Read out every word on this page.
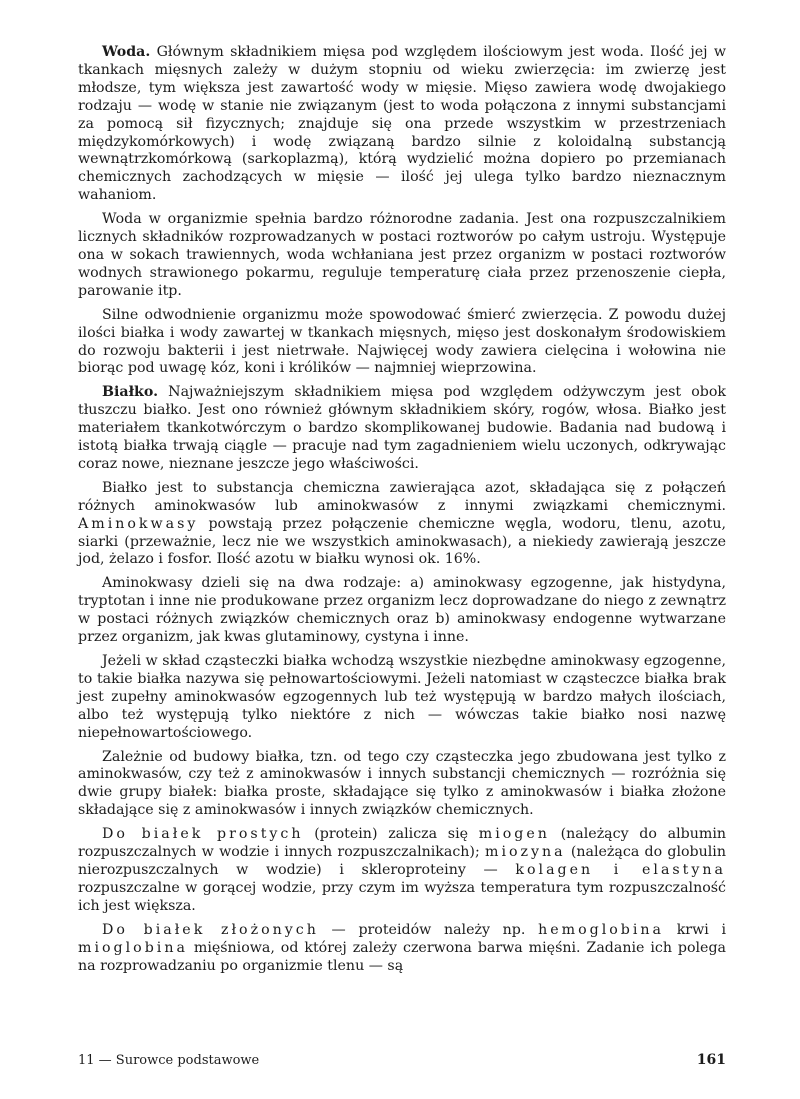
Woda. Głównym składnikiem mięsa pod względem ilościowym jest woda. Ilość jej w tkankach mięsnych zależy w dużym stopniu od wieku zwierzęcia: im zwierzę jest młodsze, tym większa jest zawartość wody w mięsie. Mięso zawiera wodę dwojakiego rodzaju — wodę w stanie nie związanym (jest to woda połączona z innymi substancjami za pomocą sił fizycznych; znajduje się ona przede wszystkim w przestrzeniach międzykomórkowych) i wodę związaną bardzo silnie z koloidalną substancją wewnątrzkomórkową (sarkoplazmą), którą wydzielić można dopiero po przemianach chemicznych zachodzących w mięsie — ilość jej ulega tylko bardzo nieznacznym wahaniom.

Woda w organizmie spełnia bardzo różnorodne zadania. Jest ona rozpuszczalnikiem licznych składników rozprowadzanych w postaci roztworów po całym ustroju. Występuje ona w sokach trawiennych, woda wchłaniana jest przez organizm w postaci roztworów wodnych strawionego pokarmu, reguluje temperaturę ciała przez przenoszenie ciepła, parowanie itp.

Silne odwodnienie organizmu może spowodować śmierć zwierzęcia. Z powodu dużej ilości białka i wody zawartej w tkankach mięsnych, mięso jest doskonałym środowiskiem do rozwoju bakterii i jest nietrwałe. Najwięcej wody zawiera cielęcina i wołowina nie biorąc pod uwagę kóz, koni i królików — najmniej wieprzowina.

Białko. Najważniejszym składnikiem mięsa pod względem odżywczym jest obok tłuszczu białko. Jest ono również głównym składnikiem skóry, rogów, włosa. Białko jest materiałem tkankotwórczym o bardzo skomplikowanej budowie. Badania nad budową i istotą białka trwają ciągle — pracuje nad tym zagadnieniem wielu uczonych, odkrywając coraz nowe, nieznane jeszcze jego właściwości.

Białko jest to substancja chemiczna zawierająca azot, składająca się z połączeń różnych aminokwasów lub aminokwasów z innymi związkami chemicznymi. Aminokwasy powstają przez połączenie chemiczne węgla, wodoru, tlenu, azotu, siarki (przeważnie, lecz nie we wszystkich aminokwasach), a niekiedy zawierają jeszcze jod, żelazo i fosfor. Ilość azotu w białku wynosi ok. 16%.

Aminokwasy dzieli się na dwa rodzaje: a) aminokwasy egzogenne, jak histydyna, tryptotan i inne nie produkowane przez organizm lecz doprowadzane do niego z zewnątrz w postaci różnych związków chemicznych oraz b) aminokwasy endogenne wytwarzane przez organizm, jak kwas glutaminowy, cystyna i inne.

Jeżeli w skład cząsteczki białka wchodzą wszystkie niezbędne aminokwasy egzogenne, to takie białka nazywa się pełnowartościowymi. Jeżeli natomiast w cząsteczce białka brak jest zupełny aminokwasów egzogennych lub też występują w bardzo małych ilościach, albo też występują tylko niektóre z nich — wówczas takie białko nosi nazwę niepełnowartościowego.

Zależnie od budowy białka, tzn. od tego czy cząsteczka jego zbudowana jest tylko z aminokwasów, czy też z aminokwasów i innych substancji chemicznych — rozróżnia się dwie grupy białek: białka proste, składające się tylko z aminokwasów i białka złożone składające się z aminokwasów i innych związków chemicznych.

Do białek prostych (protein) zalicza się miogen (należący do albumin rozpuszczalnych w wodzie i innych rozpuszczalnikach); miozyna (należąca do globulin nierozpuszczalnych w wodzie) i skleroproteiny — kolagen i elastyna rozpuszczalne w gorącej wodzie, przy czym im wyższa temperatura tym rozpuszczalność ich jest większa.

Do białek złożonych — proteidów należy np. hemoglobina krwi i mioglobina mięśniowa, od której zależy czerwona barwa mięśni. Zadanie ich polega na rozprowadzaniu po organizmie tlenu — są

11 — Surowce podstawowe	161
